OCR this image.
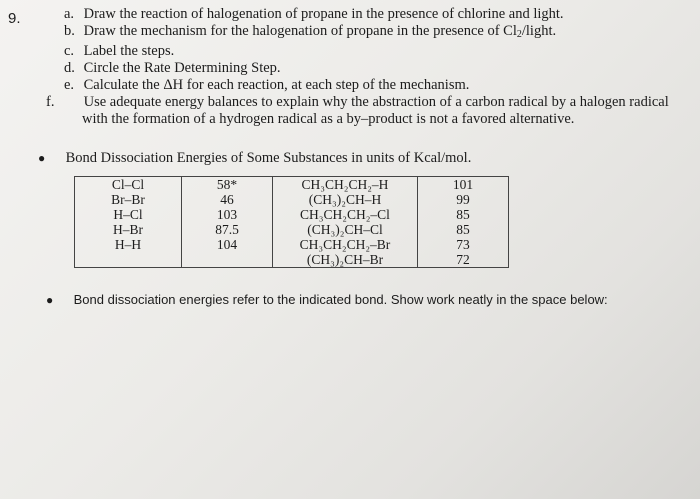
9.	a. Draw the reaction of halogenation of propane in the presence of chlorine and light.
b. Draw the mechanism for the halogenation of propane in the presence of $Cl_2$/light.
c. Label the steps.
d. Circle the Rate Determining Step.
e. Calculate the ΔH for each reaction, at each step of the mechanism.
f. Use adequate energy balances to explain why the abstraction of a carbon radical by a halogen radical with the formation of a hydrogen radical as a by–product is not a favored alternative.
● Bond Dissociation Energies of Some Substances in units of Kcal/mol.
Cl–Cl	58*	CH₃CH₂CH₂–H	101
Br–Br	46	(CH₃)₂CH–H	99
H–Cl	103	CH₃CH₂CH₂–Cl	85
H–Br	87.5	(CH₃)₂CH–Cl	85
H–H	104	CH₃CH₂CH₂–Br	73
		(CH₃)₂CH–Br	72
● Bond dissociation energies refer to the indicated bond. Show work neatly in the space below:
